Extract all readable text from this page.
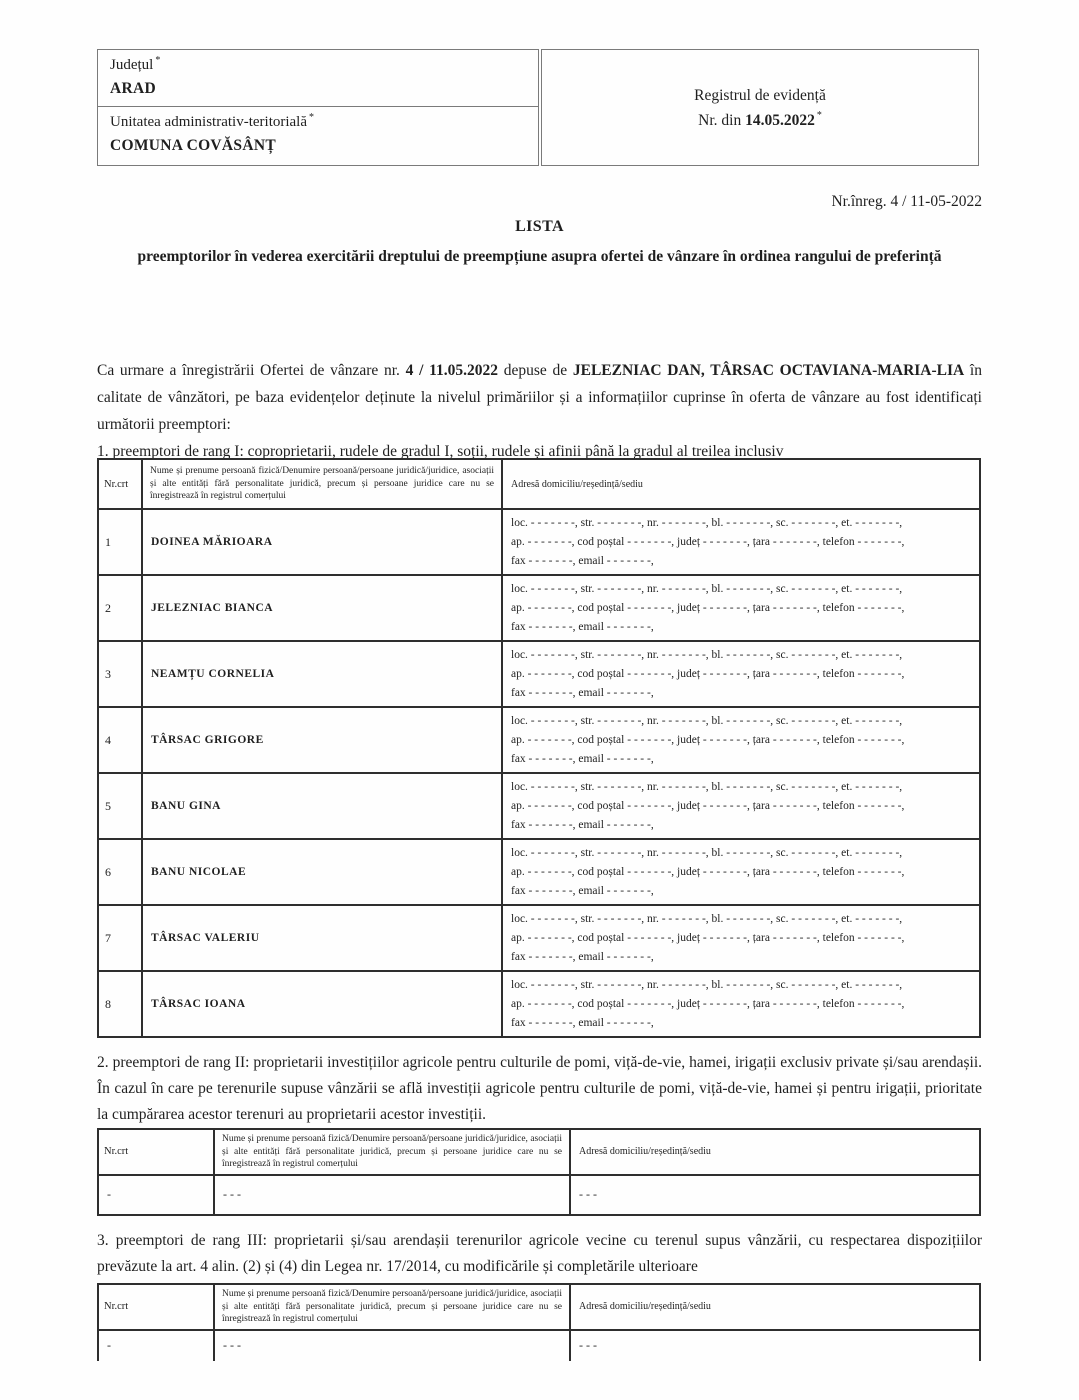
Județul *
ARAD
Unitatea administrativ-teritorială *
COMUNA COVĂSÂNȚ
Registrul de evidență
Nr. din 14.05.2022 *
Nr.înreg. 4 / 11-05-2022
LISTA
preemptorilor în vederea exercitării dreptului de preempțiune asupra ofertei de vânzare în ordinea rangului de preferință

Ca urmare a înregistrării Ofertei de vânzare nr. 4 / 11.05.2022 depuse de JELEZNIAC DAN, TÂRSAC OCTAVIANA-MARIA-LIA în calitate de vânzători, pe baza evidențelor deținute la nivelul primăriilor și a informațiilor cuprinse în oferta de vânzare au fost identificați următorii preemptori:

1. preemptori de rang I: coproprietarii, rudele de gradul I, soții, rudele și afinii până la gradul al treilea inclusiv

Nr.crt	Nume și prenume persoană fizică/Denumire persoană/persoane juridică/juridice, asociații și alte entități fără personalitate juridică, precum și persoane juridice care nu se înregistrează în registrul comerțului	Adresă domiciliu/reședință/sediu
1	DOINEA MĂRIOARA	loc. - - - - - - -, str. - - - - - - -, nr. - - - - - - -, bl. - - - - - - -, sc. - - - - - - -, et. - - - - - - -,
ap. - - - - - - -, cod poștal - - - - - - -, județ - - - - - - -, țara - - - - - - -, telefon - - - - - - -,
fax - - - - - - -, email - - - - - - -,

2	JELEZNIAC BIANCA	loc. - - - - - - -, str. - - - - - - -, nr. - - - - - - -, bl. - - - - - - -, sc. - - - - - - -, et. - - - - - - -,
ap. - - - - - - -, cod poștal - - - - - - -, județ - - - - - - -, țara - - - - - - -, telefon - - - - - - -,
fax - - - - - - -, email - - - - - - -,

3	NEAMȚU CORNELIA	loc. - - - - - - -, str. - - - - - - -, nr. - - - - - - -, bl. - - - - - - -, sc. - - - - - - -, et. - - - - - - -,
ap. - - - - - - -, cod poștal - - - - - - -, județ - - - - - - -, țara - - - - - - -, telefon - - - - - - -,
fax - - - - - - -, email - - - - - - -,

4	TÂRSAC GRIGORE	loc. - - - - - - -, str. - - - - - - -, nr. - - - - - - -, bl. - - - - - - -, sc. - - - - - - -, et. - - - - - - -,
ap. - - - - - - -, cod poștal - - - - - - -, județ - - - - - - -, țara - - - - - - -, telefon - - - - - - -,
fax - - - - - - -, email - - - - - - -,

5	BANU GINA	loc. - - - - - - -, str. - - - - - - -, nr. - - - - - - -, bl. - - - - - - -, sc. - - - - - - -, et. - - - - - - -,
ap. - - - - - - -, cod poștal - - - - - - -, județ - - - - - - -, țara - - - - - - -, telefon - - - - - - -,
fax - - - - - - -, email - - - - - - -,

6	BANU NICOLAE	loc. - - - - - - -, str. - - - - - - -, nr. - - - - - - -, bl. - - - - - - -, sc. - - - - - - -, et. - - - - - - -,
ap. - - - - - - -, cod poștal - - - - - - -, județ - - - - - - -, țara - - - - - - -, telefon - - - - - - -,
fax - - - - - - -, email - - - - - - -,

7	TÂRSAC VALERIU	loc. - - - - - - -, str. - - - - - - -, nr. - - - - - - -, bl. - - - - - - -, sc. - - - - - - -, et. - - - - - - -,
ap. - - - - - - -, cod poștal - - - - - - -, județ - - - - - - -, țara - - - - - - -, telefon - - - - - - -,
fax - - - - - - -, email - - - - - - -,

8	TÂRSAC IOANA	loc. - - - - - - -, str. - - - - - - -, nr. - - - - - - -, bl. - - - - - - -, sc. - - - - - - -, et. - - - - - - -,
ap. - - - - - - -, cod poștal - - - - - - -, județ - - - - - - -, țara - - - - - - -, telefon - - - - - - -,
fax - - - - - - -, email - - - - - - -,

2. preemptori de rang II: proprietarii investițiilor agricole pentru culturile de pomi, viță-de-vie, hamei, irigații exclusiv private și/sau arendașii. În cazul în care pe terenurile supuse vânzării se află investiții agricole pentru culturile de pomi, viță-de-vie, hamei și pentru irigații, prioritate la cumpărarea acestor terenuri au proprietarii acestor investiții.

Nr.crt	Nume și prenume persoană fizică/Denumire persoană/persoane juridică/juridice, asociații și alte entități fără personalitate juridică, precum și persoane juridice care nu se înregistrează în registrul comerțului	Adresă domiciliu/reședință/sediu
-	- - -	- - -

3. preemptori de rang III: proprietarii și/sau arendașii terenurilor agricole vecine cu terenul supus vânzării, cu respectarea dispozițiilor prevăzute la art. 4 alin. (2) și (4) din Legea nr. 17/2014, cu modificările și completările ulterioare

Nr.crt	Nume și prenume persoană fizică/Denumire persoană/persoane juridică/juridice, asociații și alte entități fără personalitate juridică, precum și persoane juridice care nu se înregistrează în registrul comerțului	Adresă domiciliu/reședință/sediu
-	- - -	- - -
